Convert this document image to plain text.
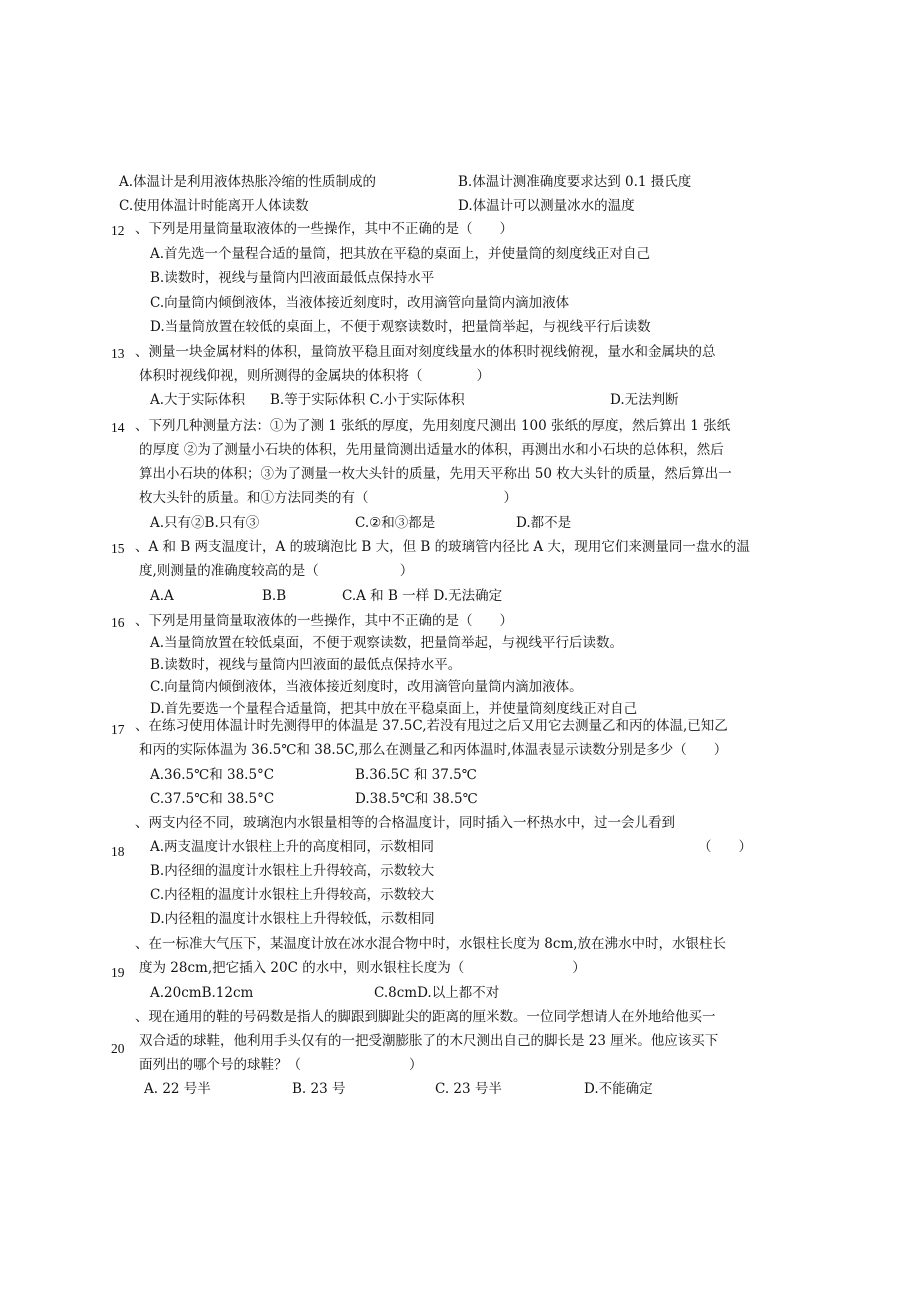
A.体温计是利用液体热胀冷缩的性质制成的	B.体温计测准确度要求达到 0.1 摄氏度
C.使用体温计时能离开人体读数	D.体温计可以测量冰水的温度
12 、下列是用量筒量取液体的一些操作，其中不正确的是（　　）
A.首先选一个量程合适的量筒，把其放在平稳的桌面上，并使量筒的刻度线正对自己
B.读数时，视线与量筒内凹液面最低点保持水平
C.向量筒内倾倒液体，当液体接近刻度时，改用滴管向量筒内滴加液体
D.当量筒放置在较低的桌面上，不便于观察读数时，把量筒举起，与视线平行后读数
13 、测量一块金属材料的体积，量筒放平稳且面对刻度线量水的体积时视线俯视，量水和金属块的总
体积时视线仰视，则所测得的金属块的体积将（　　　　）
A.大于实际体积 B.等于实际体积 C.小于实际体积	D.无法判断
14 、下列几种测量方法：①为了测 1 张纸的厚度，先用刻度尺测出 100 张纸的厚度，然后算出 1 张纸
的厚度 ②为了测量小石块的体积，先用量筒测出适量水的体积，再测出水和小石块的总体积，然后
算出小石块的体积；③为了测量一枚大头针的质量，先用天平称出 50 枚大头针的质量，然后算出一
枚大头针的质量。和①方法同类的有（　　　　　　　　　　）
A.只有②B.只有③	C.②和③都是	D.都不是
15 、A 和 B 两支温度计，A 的玻璃泡比 B 大，但 B 的玻璃管内径比 A 大，现用它们来测量同一盘水的温
度,则测量的准确度较高的是（　　　　　　）
A.A	B.B	C.A 和 B 一样 D.无法确定
16 、下列是用量筒量取液体的一些操作，其中不正确的是（　　）
A.当量筒放置在较低桌面，不便于观察读数，把量筒举起，与视线平行后读数。
B.读数时，视线与量筒内凹液面的最低点保持水平。
C.向量筒内倾倒液体，当液体接近刻度时，改用滴管向量筒内滴加液体。
D.首先要选一个量程合适量筒，把其中放在平稳桌面上，并使量筒刻度线正对自己
17 、在练习使用体温计时先测得甲的体温是 37.5C,若没有甩过之后又用它去测量乙和丙的体温,已知乙
和丙的实际体温为 36.5℃和 38.5C,那么在测量乙和丙体温时,体温表显示读数分别是多少（　　）
A.36.5℃和 38.5°C	B.36.5C 和 37.5℃
C.37.5℃和 38.5°C	D.38.5℃和 38.5℃
、两支内径不同，玻璃泡内水银量相等的合格温度计，同时插入一杯热水中，过一会儿看到
18 A.两支温度计水银柱上升的高度相同，示数相同	（　　）
B.内径细的温度计水银柱上升得较高，示数较大
C.内径粗的温度计水银柱上升得较高，示数较大
D.内径粗的温度计水银柱上升得较低，示数相同
、在一标准大气压下，某温度计放在冰水混合物中时，水银柱长度为 8cm,放在沸水中时，水银柱长
19 度为 28cm,把它插入 20C 的水中，则水银柱长度为（　　　　　　　　）
A.20cmB.12cm	C.8cmD.以上都不对
、现在通用的鞋的号码数是指人的脚跟到脚趾尖的距离的厘米数。一位同学想请人在外地给他买一
双合适的球鞋，他利用手头仅有的一把受潮膨胀了的木尺测出自己的脚长是 23 厘米。他应该买下
20
面列出的哪个号的球鞋？（　　　　　　　　）
A. 22 号半	B. 23 号	C. 23 号半	D.不能确定
